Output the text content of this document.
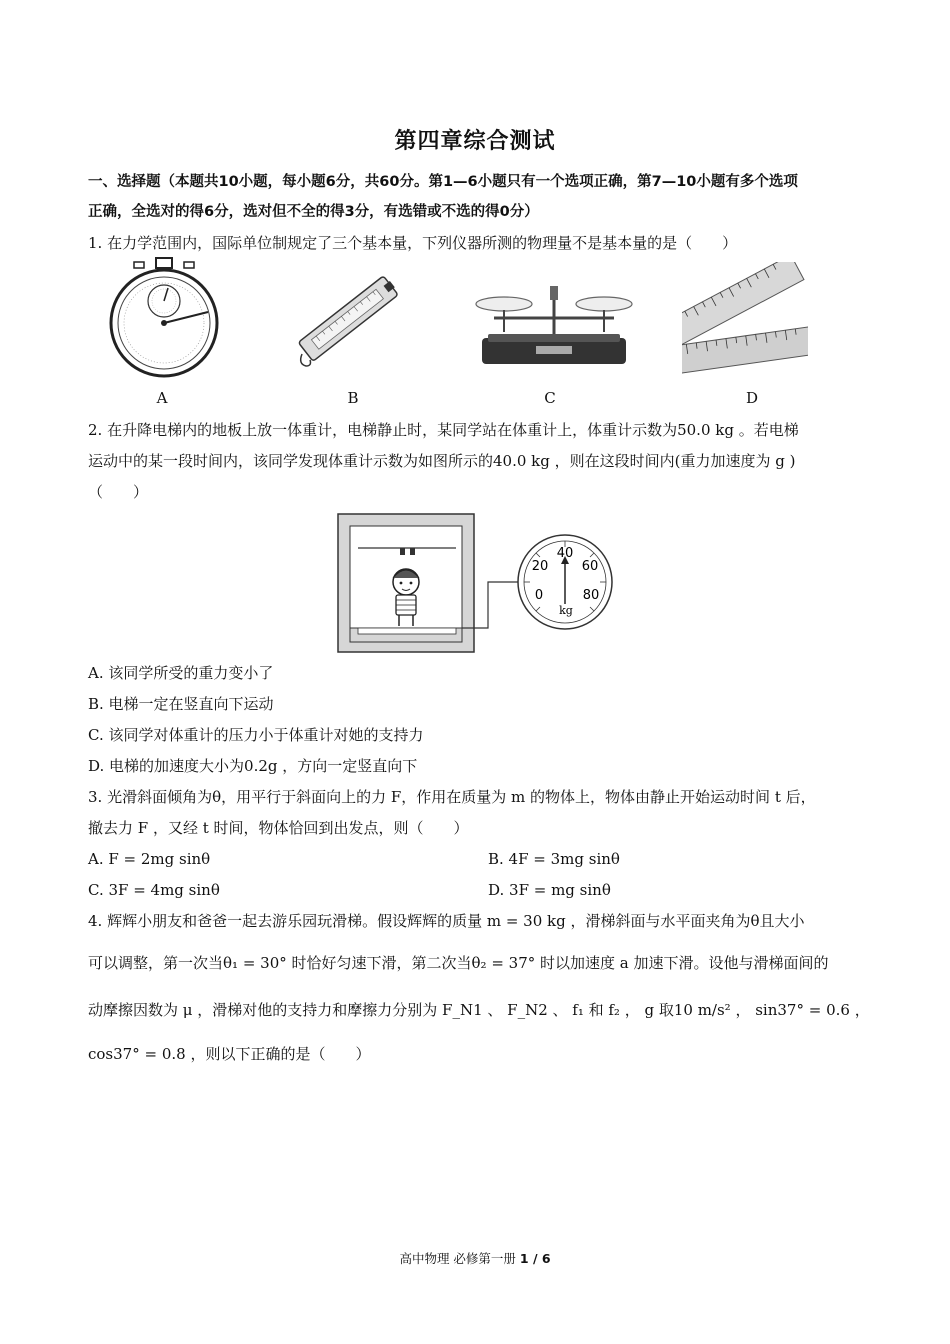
第四章综合测试
一、选择题（本题共10小题，每小题6分，共60分。第1—6小题只有一个选项正确，第7—10小题有多个选项
正确，全选对的得6分，选对但不全的得3分，有选错或不选的得0分）
1. 在力学范围内，国际单位制规定了三个基本量，下列仪器所测的物理量不是基本量的是（　　）
A	B	C	D
2. 在升降电梯内的地板上放一体重计，电梯静止时，某同学站在体重计上，体重计示数为50.0 kg 。若电梯
运动中的某一段时间内，该同学发现体重计示数为如图所示的40.0 kg ，则在这段时间内(重力加速度为 g )
（　　）
40
20	60
0	80
kg
A. 该同学所受的重力变小了
B. 电梯一定在竖直向下运动
C. 该同学对体重计的压力小于体重计对她的支持力
D. 电梯的加速度大小为0.2g ，方向一定竖直向下
3. 光滑斜面倾角为θ，用平行于斜面向上的力 F，作用在质量为 m 的物体上，物体由静止开始运动时间 t 后，
撤去力 F ，又经 t 时间，物体恰回到出发点，则（　　）
A. F = 2mg sinθ	B. 4F = 3mg sinθ
C. 3F = 4mg sinθ	D. 3F = mg sinθ
4. 辉辉小朋友和爸爸一起去游乐园玩滑梯。假设辉辉的质量 m = 30 kg ，滑梯斜面与水平面夹角为θ且大小
可以调整，第一次当θ₁ = 30° 时恰好匀速下滑，第二次当θ₂ = 37° 时以加速度 a 加速下滑。设他与滑梯面间的
动摩擦因数为 μ ，滑梯对他的支持力和摩擦力分别为 F_N1 、 F_N2 、 f₁ 和 f₂ ， g 取10 m/s² ， sin37° = 0.6 ，
cos37° = 0.8 ，则以下正确的是（　　）
高中物理 必修第一册 1 / 6
